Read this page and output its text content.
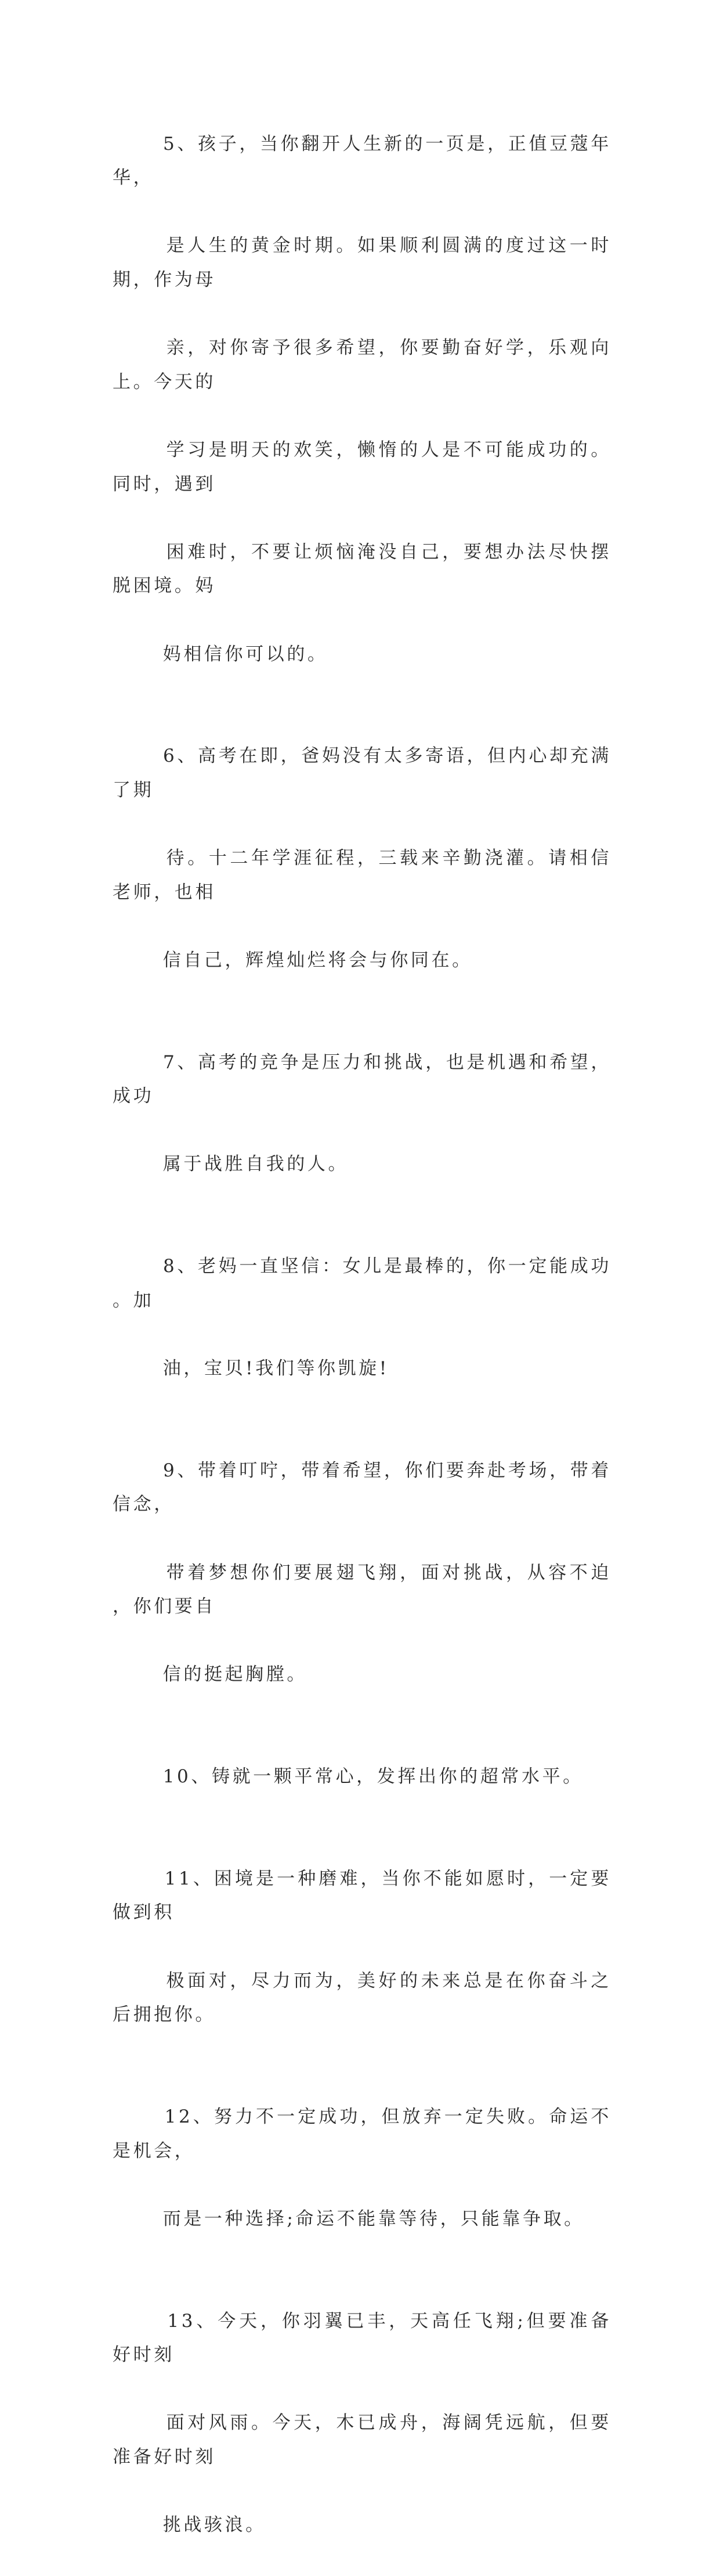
5、孩子，当你翻开人生新的一页是，正值豆蔻年华，

是人生的黄金时期。如果顺利圆满的度过这一时期，作为母

亲，对你寄予很多希望，你要勤奋好学，乐观向上。今天的

学习是明天的欢笑，懒惰的人是不可能成功的。同时，遇到

困难时，不要让烦恼淹没自己，要想办法尽快摆脱困境。妈

妈相信你可以的。

6、高考在即，爸妈没有太多寄语，但内心却充满了期

待。十二年学涯征程，三载来辛勤浇灌。请相信老师，也相

信自己，辉煌灿烂将会与你同在。

7、高考的竞争是压力和挑战，也是机遇和希望，成功

属于战胜自我的人。

8、老妈一直坚信：女儿是最棒的，你一定能成功。加

油，宝贝!我们等你凯旋!

9、带着叮咛，带着希望，你们要奔赴考场，带着信念，

带着梦想你们要展翅飞翔，面对挑战，从容不迫，你们要自

信的挺起胸膛。

10、铸就一颗平常心，发挥出你的超常水平。

11、困境是一种磨难，当你不能如愿时，一定要做到积

极面对，尽力而为，美好的未来总是在你奋斗之后拥抱你。

12、努力不一定成功，但放弃一定失败。命运不是机会，

而是一种选择;命运不能靠等待，只能靠争取。

13、今天，你羽翼已丰，天高任飞翔;但要准备好时刻

面对风雨。今天，木已成舟，海阔凭远航，但要准备好时刻

挑战骇浪。
